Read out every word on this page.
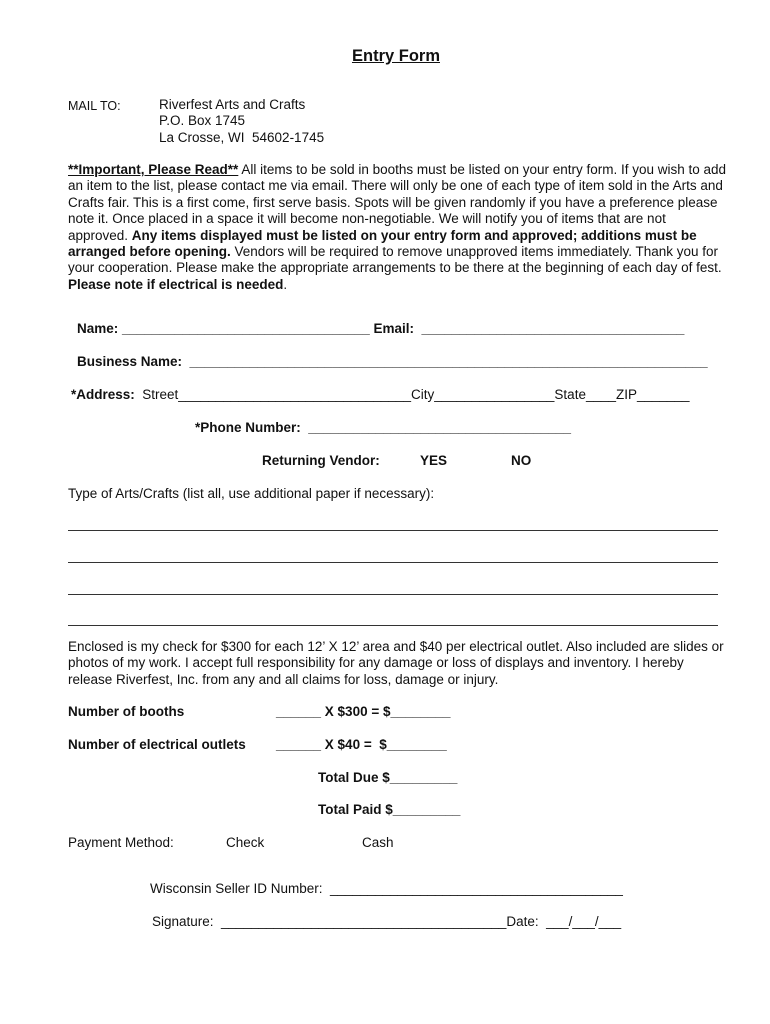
Entry Form
MAIL TO:	Riverfest Arts and Crafts
P.O. Box 1745
La Crosse, WI  54602-1745
**Important, Please Read** All items to be sold in booths must be listed on your entry form. If you wish to add an item to the list, please contact me via email. There will only be one of each type of item sold in the Arts and Crafts fair. This is a first come, first serve basis. Spots will be given randomly if you have a preference please note it. Once placed in a space it will become non-negotiable. We will notify you of items that are not approved. Any items displayed must be listed on your entry form and approved; additions must be arranged before opening. Vendors will be required to remove unapproved items immediately. Thank you for your cooperation. Please make the appropriate arrangements to be there at the beginning of each day of fest. Please note if electrical is needed.
Name: _________________________________ Email:  ___________________________________
Business Name:  _____________________________________________________________________
*Address:  Street_______________________________City________________State____ZIP_______
*Phone Number:  ___________________________________
Returning Vendor:	YES	NO
Type of Arts/Crafts (list all, use additional paper if necessary):
Enclosed is my check for $300 for each 12’ X 12’ area and $40 per electrical outlet. Also included are slides or photos of my work. I accept full responsibility for any damage or loss of displays and inventory. I hereby release Riverfest, Inc. from any and all claims for loss, damage or injury.
Number of booths	______ X $300 = $________
Number of electrical outlets ______ X $40 =  $________
Total Due $_________
Total Paid $_________
Payment Method:	Check	Cash
Wisconsin Seller ID Number:  _______________________________________
Signature:  ______________________________________Date:  ___/___/___
